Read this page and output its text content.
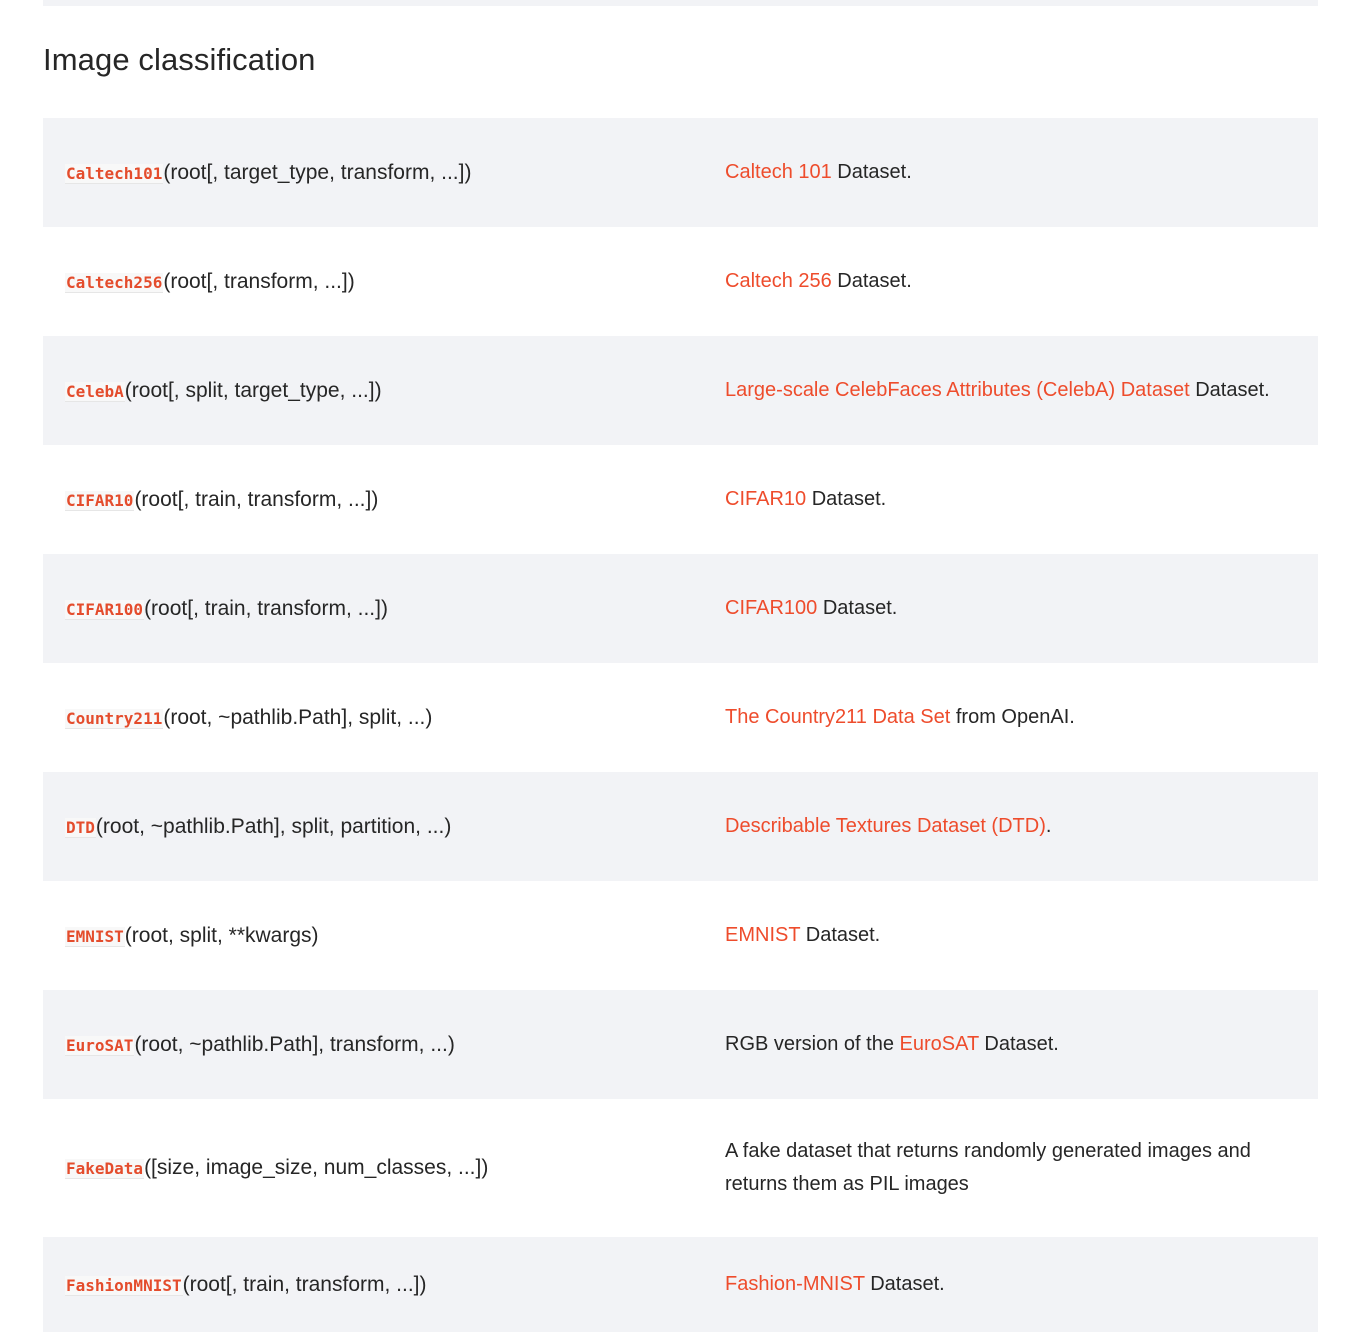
Image classification
Caltech101 (root[, target_type, transform, ...])	Caltech 101 Dataset.

Caltech256 (root[, transform, ...])	Caltech 256 Dataset.

CelebA (root[, split, target_type, ...])	Large-scale CelebFaces Attributes (CelebA) Dataset Dataset.

CIFAR10 (root[, train, transform, ...])	CIFAR10 Dataset.

CIFAR100 (root[, train, transform, ...])	CIFAR100 Dataset.

Country211 (root, ~pathlib.Path], split, ...)	The Country211 Data Set from OpenAI.

DTD (root, ~pathlib.Path], split, partition, ...)	Describable Textures Dataset (DTD).

EMNIST (root, split, **kwargs)	EMNIST Dataset.

EuroSAT (root, ~pathlib.Path], transform, ...)	RGB version of the EuroSAT Dataset.

FakeData ([size, image_size, num_classes, ...])	A fake dataset that returns randomly generated images and returns them as PIL images

FashionMNIST (root[, train, transform, ...])	Fashion-MNIST Dataset.
